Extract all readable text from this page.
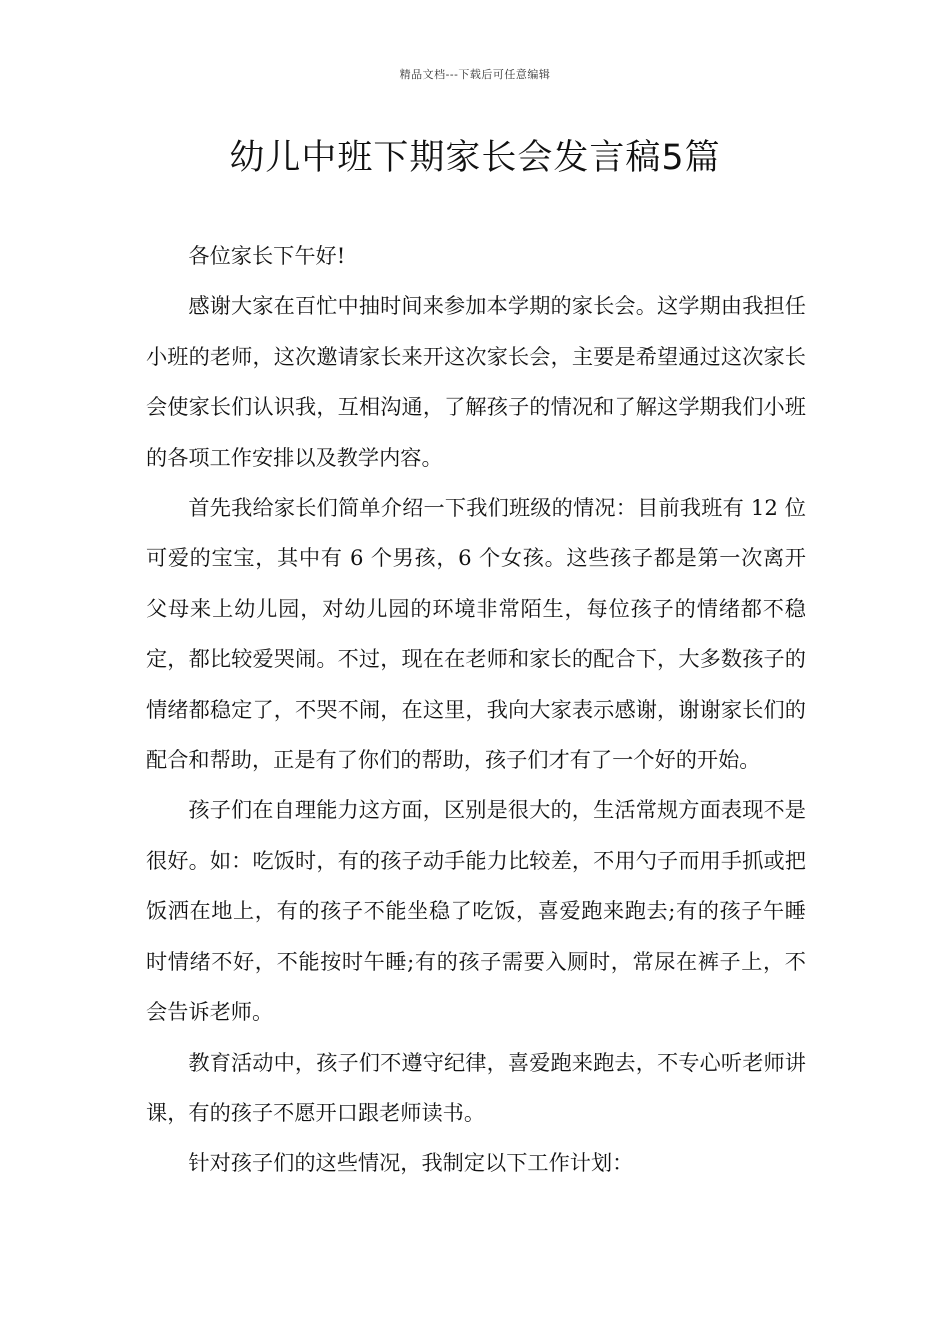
精品文档---下载后可任意编辑
幼儿中班下期家长会发言稿5篇

各位家长下午好!

感谢大家在百忙中抽时间来参加本学期的家长会。这学期由我担任小班的老师，这次邀请家长来开这次家长会，主要是希望通过这次家长会使家长们认识我，互相沟通，了解孩子的情况和了解这学期我们小班的各项工作安排以及教学内容。

首先我给家长们简单介绍一下我们班级的情况：目前我班有 12 位可爱的宝宝，其中有 6 个男孩，6 个女孩。这些孩子都是第一次离开父母来上幼儿园，对幼儿园的环境非常陌生，每位孩子的情绪都不稳定，都比较爱哭闹。不过，现在在老师和家长的配合下，大多数孩子的情绪都稳定了，不哭不闹，在这里，我向大家表示感谢，谢谢家长们的配合和帮助，正是有了你们的帮助，孩子们才有了一个好的开始。

孩子们在自理能力这方面，区别是很大的，生活常规方面表现不是很好。如：吃饭时，有的孩子动手能力比较差，不用勺子而用手抓或把饭洒在地上，有的孩子不能坐稳了吃饭，喜爱跑来跑去;有的孩子午睡时情绪不好，不能按时午睡;有的孩子需要入厕时，常尿在裤子上，不会告诉老师。

教育活动中，孩子们不遵守纪律，喜爱跑来跑去，不专心听老师讲课，有的孩子不愿开口跟老师读书。

针对孩子们的这些情况，我制定以下工作计划：
